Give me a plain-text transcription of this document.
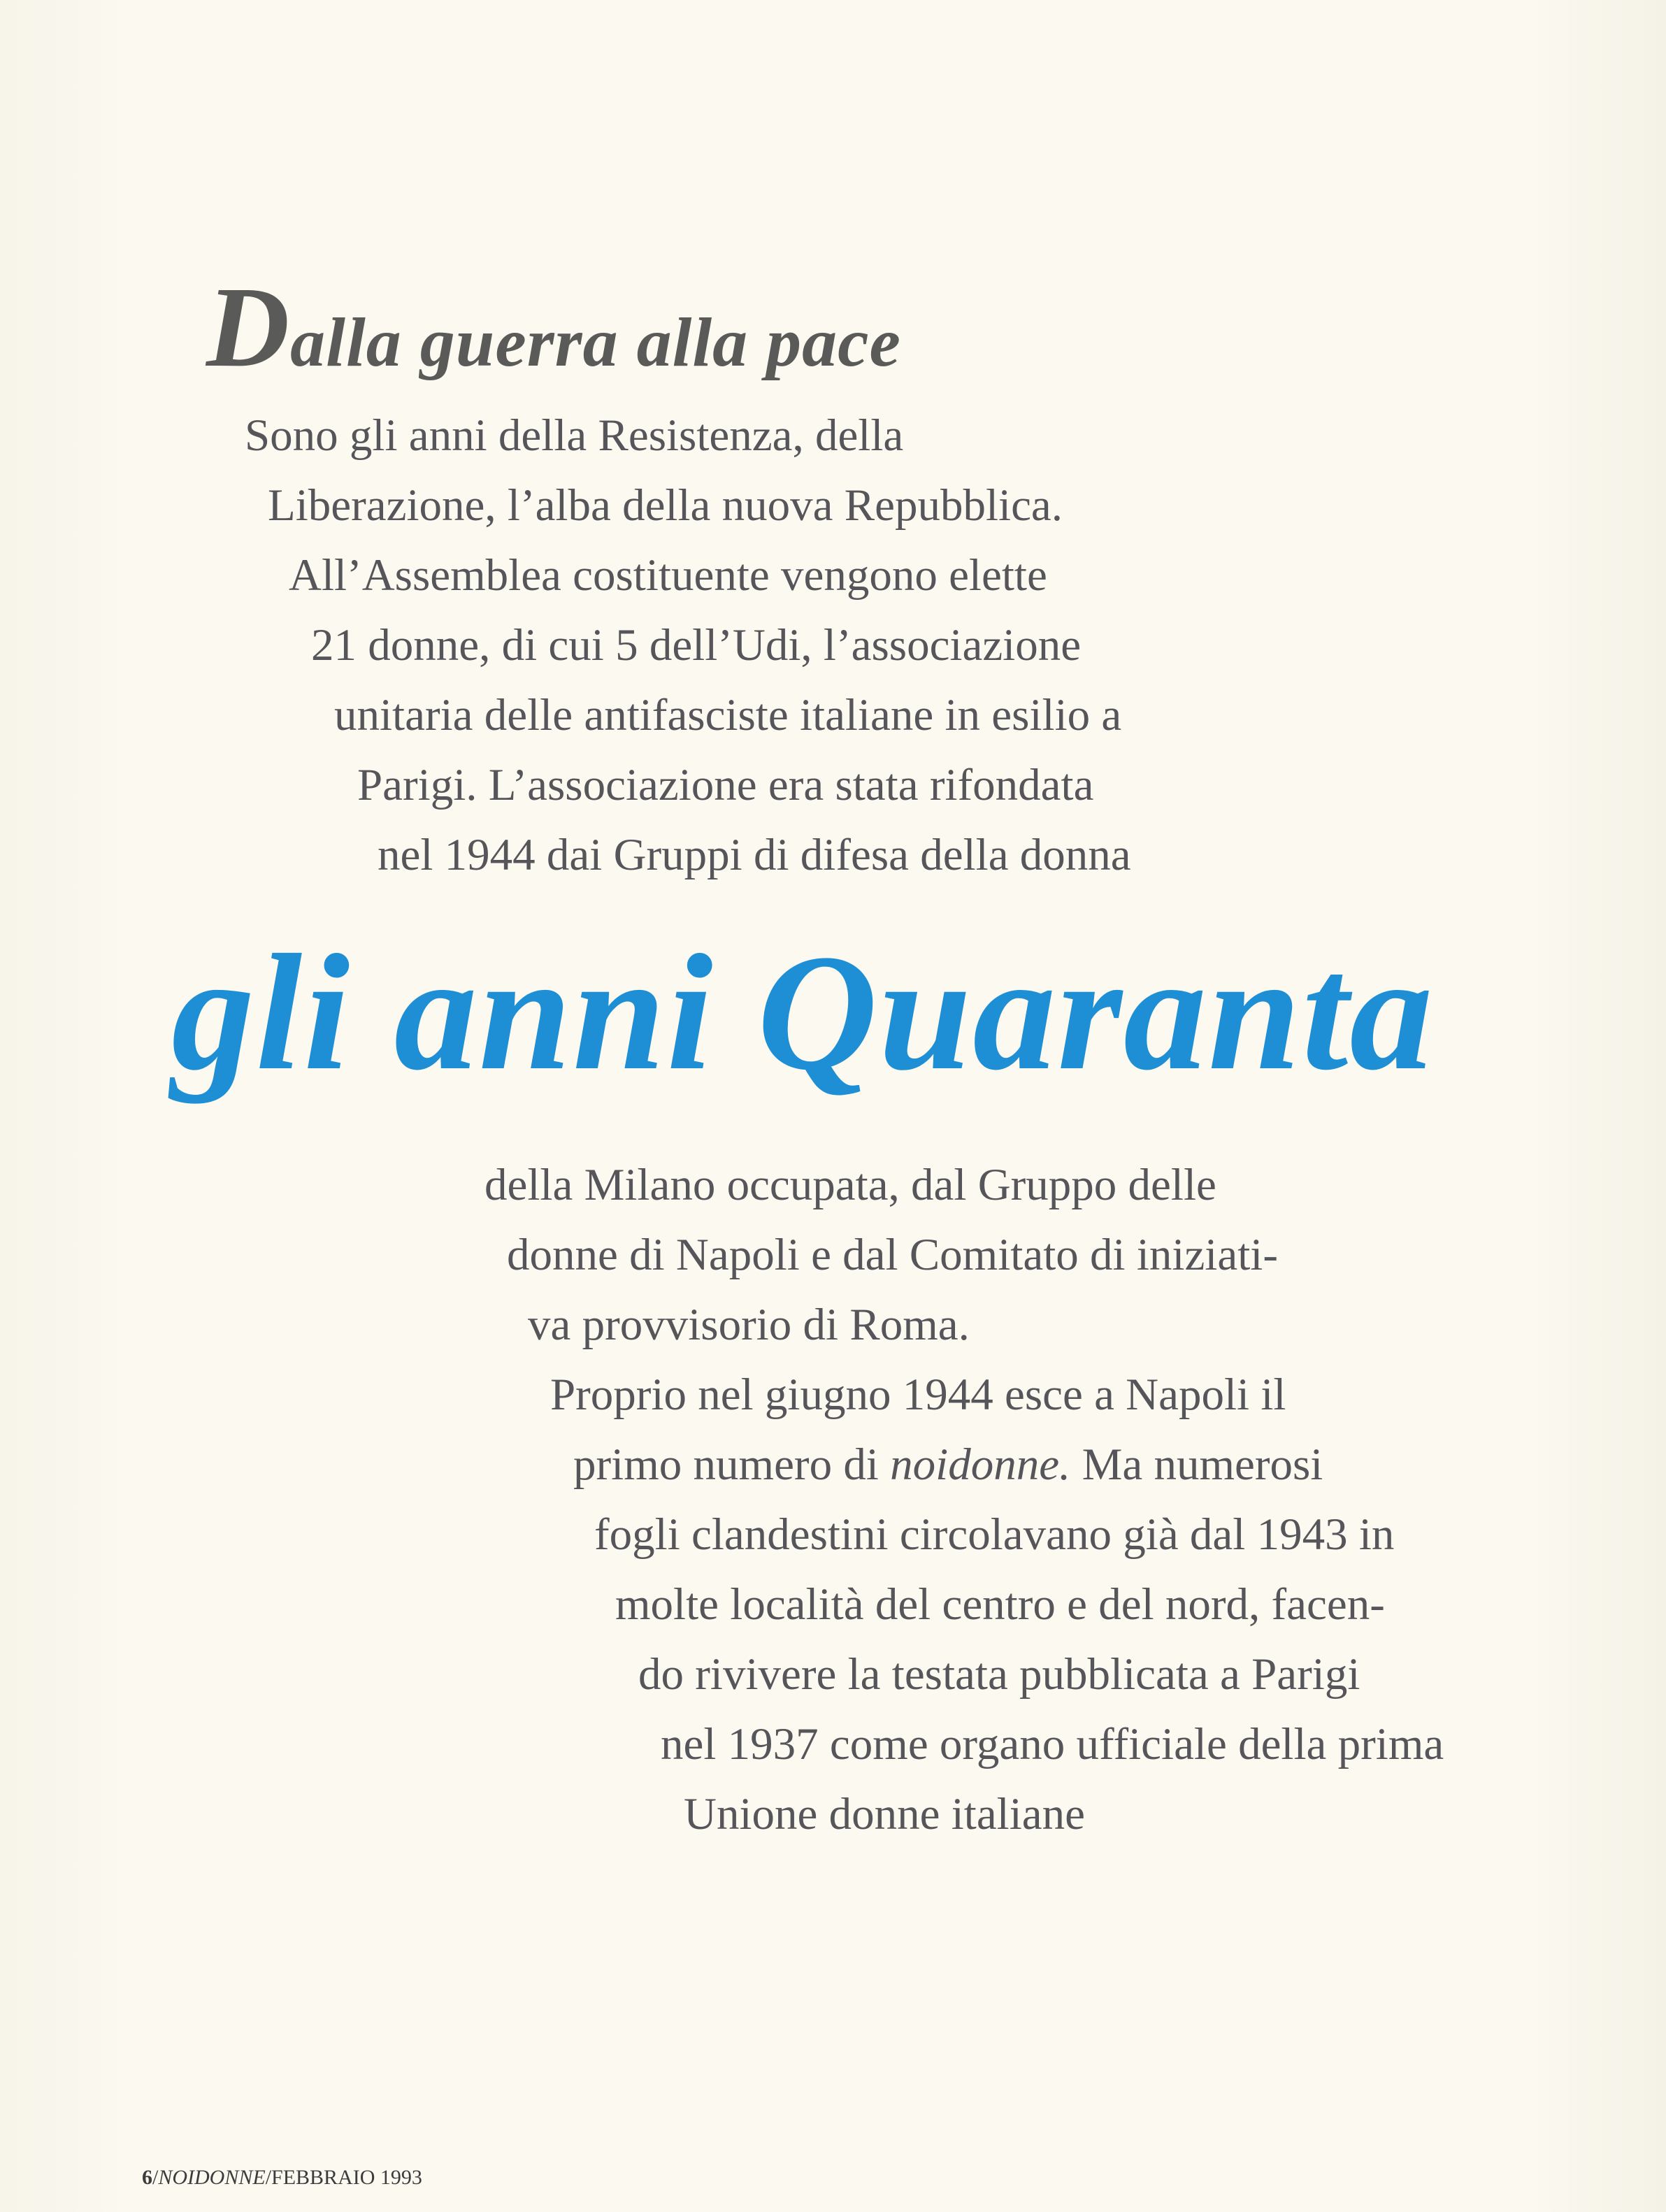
Dalla guerra alla pace

Sono gli anni della Resistenza, della
Liberazione, l’alba della nuova Repubblica.
All’Assemblea costituente vengono elette
21 donne, di cui 5 dell’Udi, l’associazione
unitaria delle antifasciste italiane in esilio a
Parigi. L’associazione era stata rifondata
nel 1944 dai Gruppi di difesa della donna

gli anni Quaranta

della Milano occupata, dal Gruppo delle
donne di Napoli e dal Comitato di iniziati-
va provvisorio di Roma.
Proprio nel giugno 1944 esce a Napoli il
primo numero di noidonne. Ma numerosi
fogli clandestini circolavano già dal 1943 in
molte località del centro e del nord, facen-
do rivivere la testata pubblicata a Parigi
nel 1937 come organo ufficiale della prima
Unione donne italiane

6/NOIDONNE/FEBBRAIO 1993
